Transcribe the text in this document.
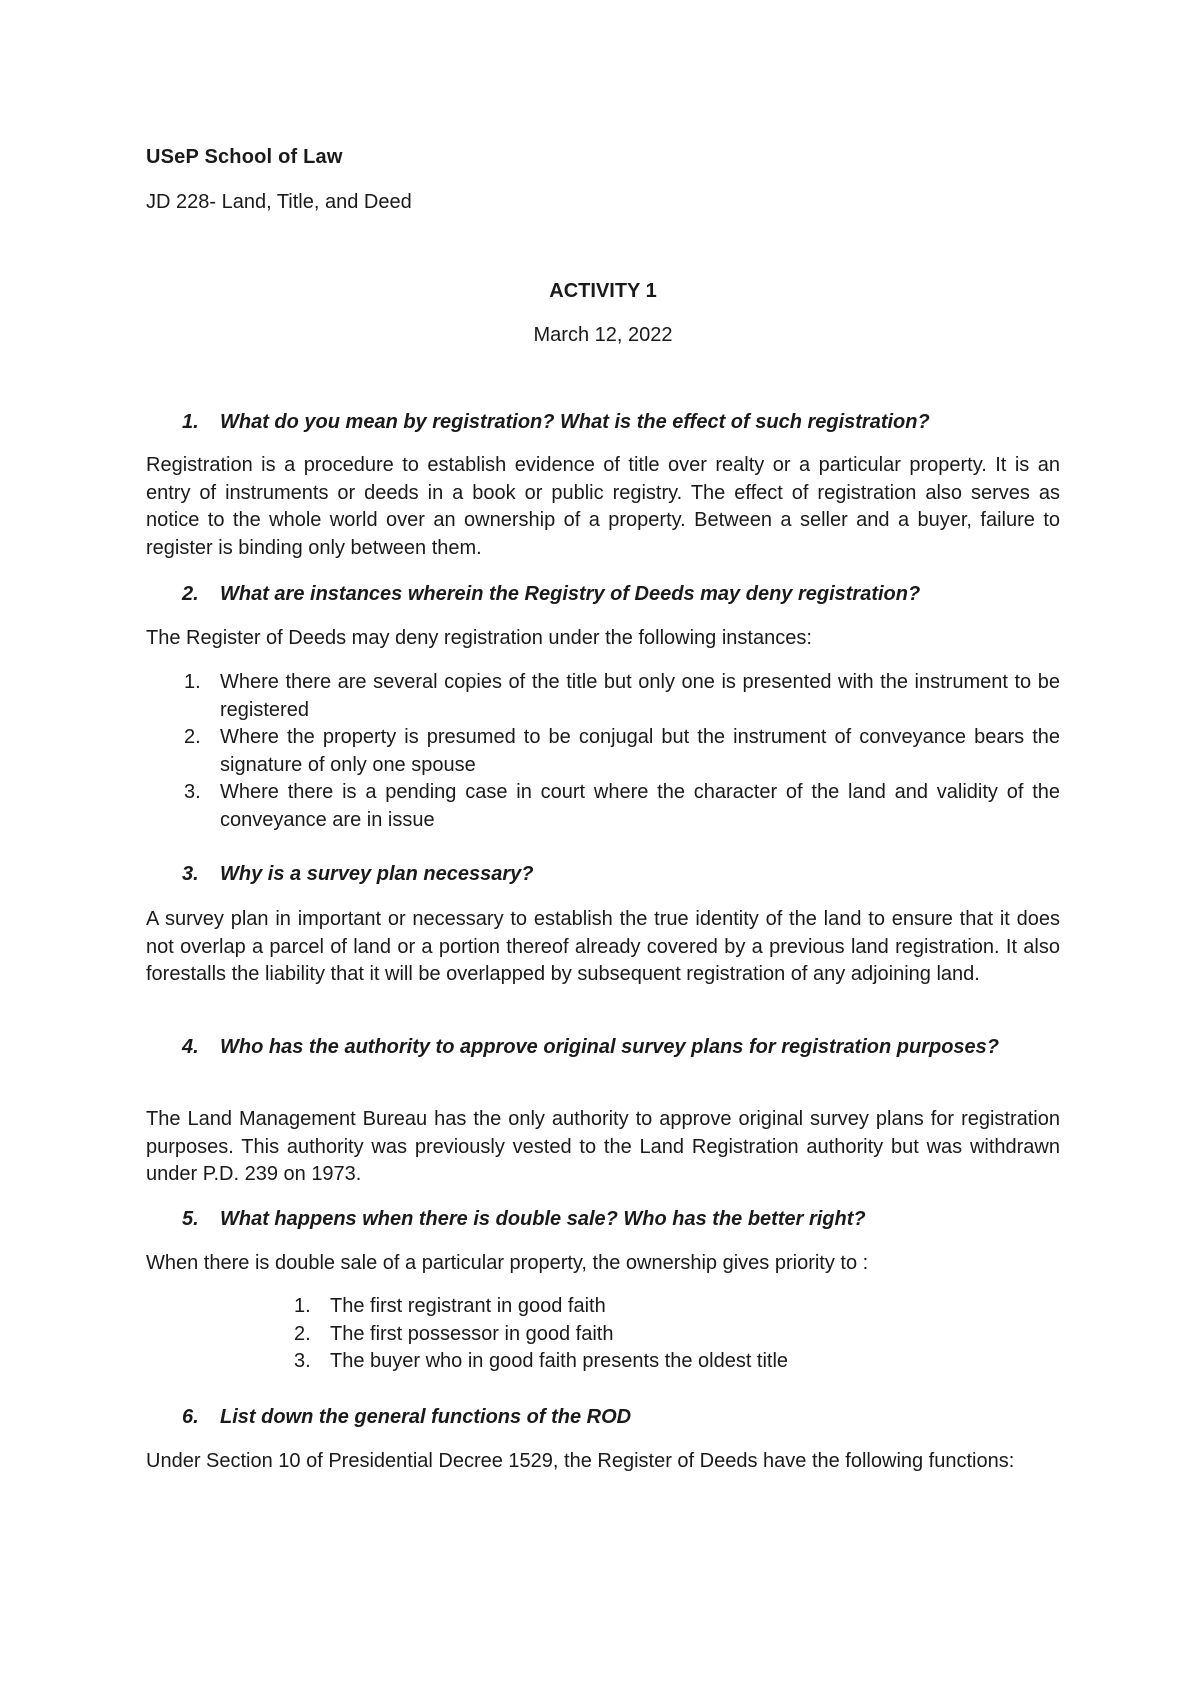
USeP School of Law
JD 228- Land, Title, and Deed
ACTIVITY 1
March 12, 2022
1. What do you mean by registration? What is the effect of such registration?
Registration is a procedure to establish evidence of title over realty or a particular property. It is an entry of instruments or deeds in a book or public registry. The effect of registration also serves as notice to the whole world over an ownership of a property. Between a seller and a buyer, failure to register is binding only between them.
2. What are instances wherein the Registry of Deeds may deny registration?
The Register of Deeds may deny registration under the following instances:
1. Where there are several copies of the title but only one is presented with the instrument to be registered
2. Where the property is presumed to be conjugal but the instrument of conveyance bears the signature of only one spouse
3. Where there is a pending case in court where the character of the land and validity of the conveyance are in issue
3. Why is a survey plan necessary?
A survey plan in important or necessary to establish the true identity of the land to ensure that it does not overlap a parcel of land or a portion thereof already covered by a previous land registration. It also forestalls the liability that it will be overlapped by subsequent registration of any adjoining land.
4. Who has the authority to approve original survey plans for registration purposes?
The Land Management Bureau has the only authority to approve original survey plans for registration purposes. This authority was previously vested to the Land Registration authority but was withdrawn under P.D. 239 on 1973.
5. What happens when there is double sale? Who has the better right?
When there is double sale of a particular property, the ownership gives priority to :
1. The first registrant in good faith
2. The first possessor in good faith
3. The buyer who in good faith presents the oldest title
6. List down the general functions of the ROD
Under Section 10 of Presidential Decree 1529, the Register of Deeds have the following functions:
